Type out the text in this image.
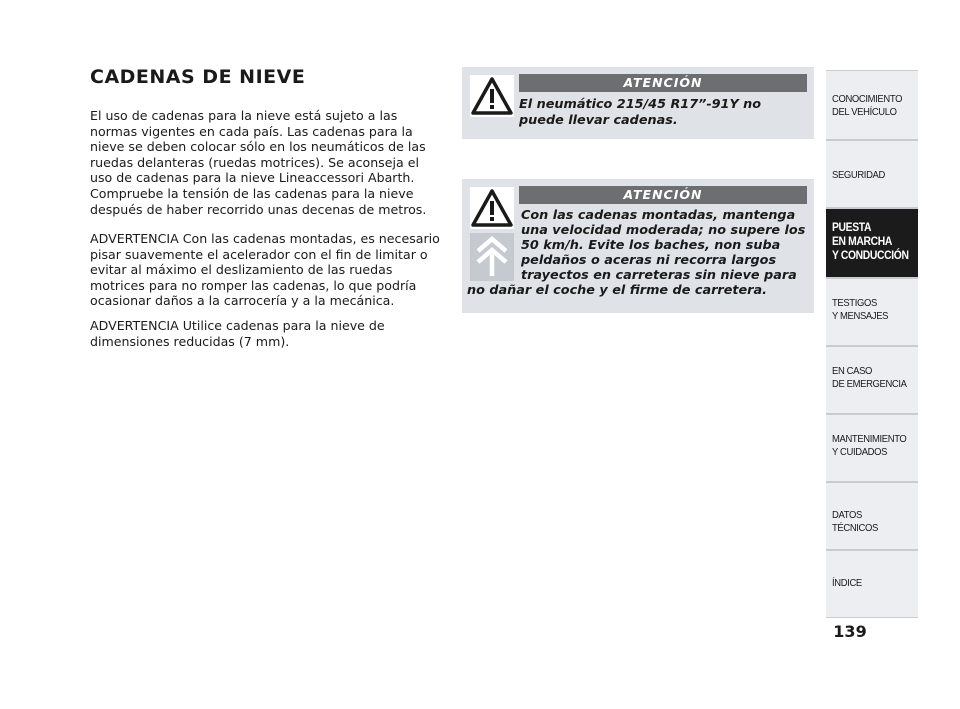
CADENAS DE NIEVE

El uso de cadenas para la nieve está sujeto a las normas vigentes en cada país. Las cadenas para la nieve se deben colocar sólo en los neumáticos de las ruedas delanteras (ruedas motrices). Se aconseja el uso de cadenas para la nieve Lineaccessori Abarth. Compruebe la tensión de las cadenas para la nieve después de haber recorrido unas decenas de metros.

ADVERTENCIA Con las cadenas montadas, es necesario pisar suavemente el acelerador con el fin de limitar o evitar al máximo el deslizamiento de las ruedas motrices para no romper las cadenas, lo que podría ocasionar daños a la carrocería y a la mecánica.

ADVERTENCIA Utilice cadenas para la nieve de dimensiones reducidas (7 mm).

ATENCIÓN

El neumático 215/45 R17”-91Y no puede llevar cadenas.

ATENCIÓN
Con las cadenas montadas, mantenga
una velocidad moderada; no supere los
50 km/h. Evite los baches, non suba
peldaños o aceras ni recorra largos
trayectos en carreteras sin nieve para
no dañar el coche y el firme de carretera.
CONOCIMIENTO
DEL VEHÍCULO
SEGURIDAD
PUESTA
EN MARCHA
Y CONDUCCIÓN
TESTIGOS
Y MENSAJES
EN CASO
DE EMERGENCIA
MANTENIMIENTO
Y CUIDADOS
DATOS TÉCNICOS
ÍNDICE

139
